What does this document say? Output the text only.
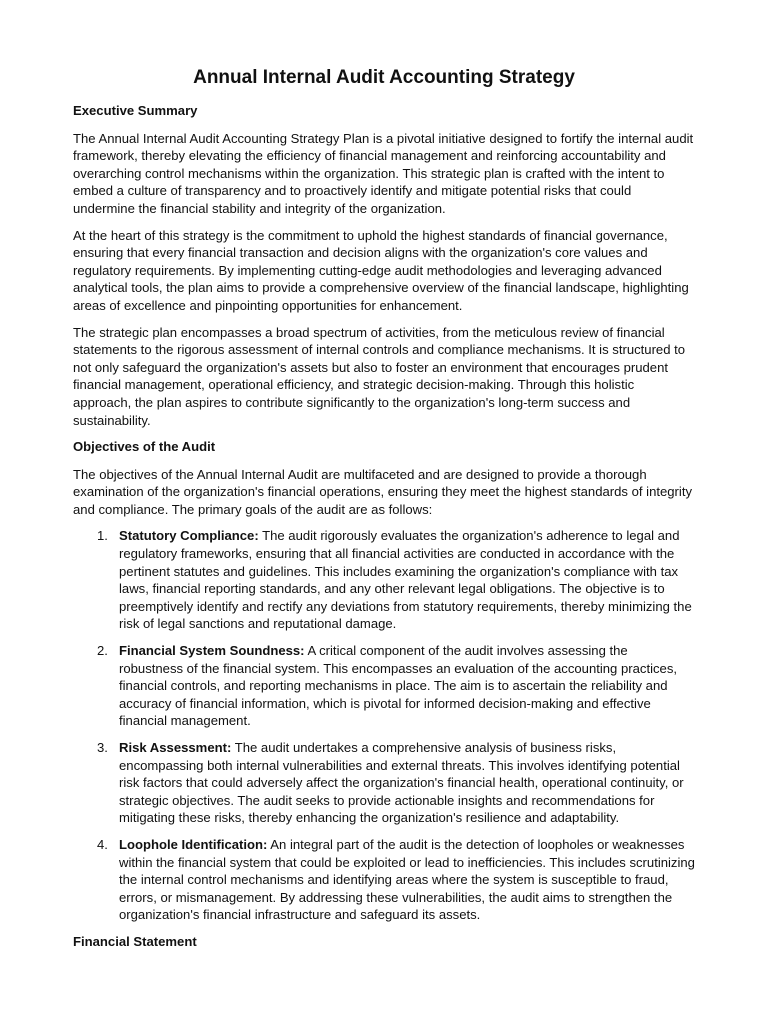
Annual Internal Audit Accounting Strategy
Executive Summary

The Annual Internal Audit Accounting Strategy Plan is a pivotal initiative designed to fortify the internal audit framework, thereby elevating the efficiency of financial management and reinforcing accountability and overarching control mechanisms within the organization. This strategic plan is crafted with the intent to embed a culture of transparency and to proactively identify and mitigate potential risks that could undermine the financial stability and integrity of the organization.

At the heart of this strategy is the commitment to uphold the highest standards of financial governance, ensuring that every financial transaction and decision aligns with the organization's core values and regulatory requirements. By implementing cutting-edge audit methodologies and leveraging advanced analytical tools, the plan aims to provide a comprehensive overview of the financial landscape, highlighting areas of excellence and pinpointing opportunities for enhancement.

The strategic plan encompasses a broad spectrum of activities, from the meticulous review of financial statements to the rigorous assessment of internal controls and compliance mechanisms. It is structured to not only safeguard the organization's assets but also to foster an environment that encourages prudent financial management, operational efficiency, and strategic decision-making. Through this holistic approach, the plan aspires to contribute significantly to the organization's long-term success and sustainability.

Objectives of the Audit

The objectives of the Annual Internal Audit are multifaceted and are designed to provide a thorough examination of the organization's financial operations, ensuring they meet the highest standards of integrity and compliance. The primary goals of the audit are as follows:

1. Statutory Compliance: The audit rigorously evaluates the organization's adherence to legal and regulatory frameworks, ensuring that all financial activities are conducted in accordance with the pertinent statutes and guidelines. This includes examining the organization's compliance with tax laws, financial reporting standards, and any other relevant legal obligations. The objective is to preemptively identify and rectify any deviations from statutory requirements, thereby minimizing the risk of legal sanctions and reputational damage.
2. Financial System Soundness: A critical component of the audit involves assessing the robustness of the financial system. This encompasses an evaluation of the accounting practices, financial controls, and reporting mechanisms in place. The aim is to ascertain the reliability and accuracy of financial information, which is pivotal for informed decision-making and effective financial management.
3. Risk Assessment: The audit undertakes a comprehensive analysis of business risks, encompassing both internal vulnerabilities and external threats. This involves identifying potential risk factors that could adversely affect the organization's financial health, operational continuity, or strategic objectives. The audit seeks to provide actionable insights and recommendations for mitigating these risks, thereby enhancing the organization's resilience and adaptability.
4. Loophole Identification: An integral part of the audit is the detection of loopholes or weaknesses within the financial system that could be exploited or lead to inefficiencies. This includes scrutinizing the internal control mechanisms and identifying areas where the system is susceptible to fraud, errors, or mismanagement. By addressing these vulnerabilities, the audit aims to strengthen the organization's financial infrastructure and safeguard its assets.
Financial Statement
